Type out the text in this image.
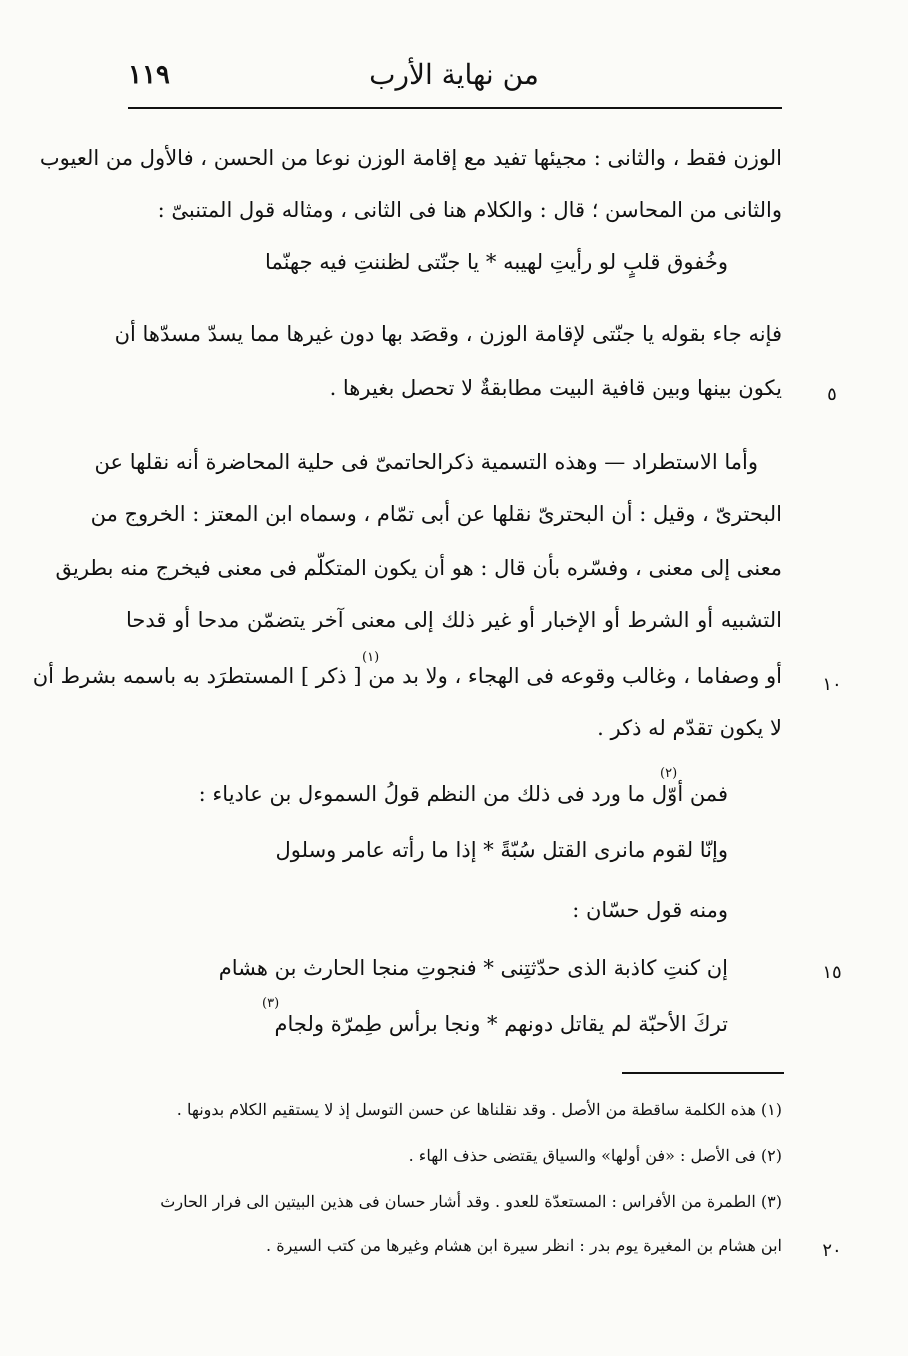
١١٩	من نهاية الأرب
الوزن فقط ، والثانى : مجيئها تفيد مع إقامة الوزن نوعا من الحسن ، فالأول من العيوب
والثانى من المحاسن ؛ قال : والكلام هنا فى الثانى ، ومثاله قول المتنبىّ :
وخُفوق قلبٍ لو رأيتِ لهيبه * يا جنّتى لظننتِ فيه جهنّما
فإنه جاء بقوله يا جنّتى لإقامة الوزن ، وقصَد بها دون غيرها مما يسدّ مسدّها أن
يكون بينها وبين قافية البيت مطابقةٌ لا تحصل بغيرها .	٥
وأما الاستطراد — وهذه التسمية ذكرالحاتمىّ فى حلية المحاضرة أنه نقلها عن
البحترىّ ، وقيل : أن البحترىّ نقلها عن أبى تمّام ، وسماه ابن المعتز : الخروج من
معنى إلى معنى ، وفسّره بأن قال : هو أن يكون المتكلّم فى معنى فيخرج منه بطريق
التشبيه أو الشرط أو الإخبار أو غير ذلك إلى معنى آخر يتضمّن مدحا أو قدحا
(١)
أو وصفاما ، وغالب وقوعه فى الهجاء ، ولا بد من [ ذكر ] المستطرَد به باسمه بشرط أن	١٠
لا يكون تقدّم له ذكر .
(٢)
فمن أوّل ما ورد فى ذلك من النظم قولُ السموءل بن عادياء :
وإنّا لقوم مانرى القتل سُبّةً * إذا ما رأته عامر وسلول
ومنه قول حسّان :
إن كنتِ كاذبة الذى حدّثتِنى * فنجوتِ منجا الحارث بن هشام	١٥
(٣)
تركَ الأحبّة لم يقاتل دونهم * ونجا برأس طِمرّة ولجام
(١) هذه الكلمة ساقطة من الأصل . وقد نقلناها عن حسن التوسل إذ لا يستقيم الكلام بدونها .
(٢) فى الأصل : «فن أولها» والسياق يقتضى حذف الهاء .
(٣) الطمرة من الأفراس : المستعدّة للعدو . وقد أشار حسان فى هذين البيتين الى فرار الحارث
ابن هشام بن المغيرة يوم بدر : انظر سيرة ابن هشام وغيرها من كتب السيرة .	٢٠
